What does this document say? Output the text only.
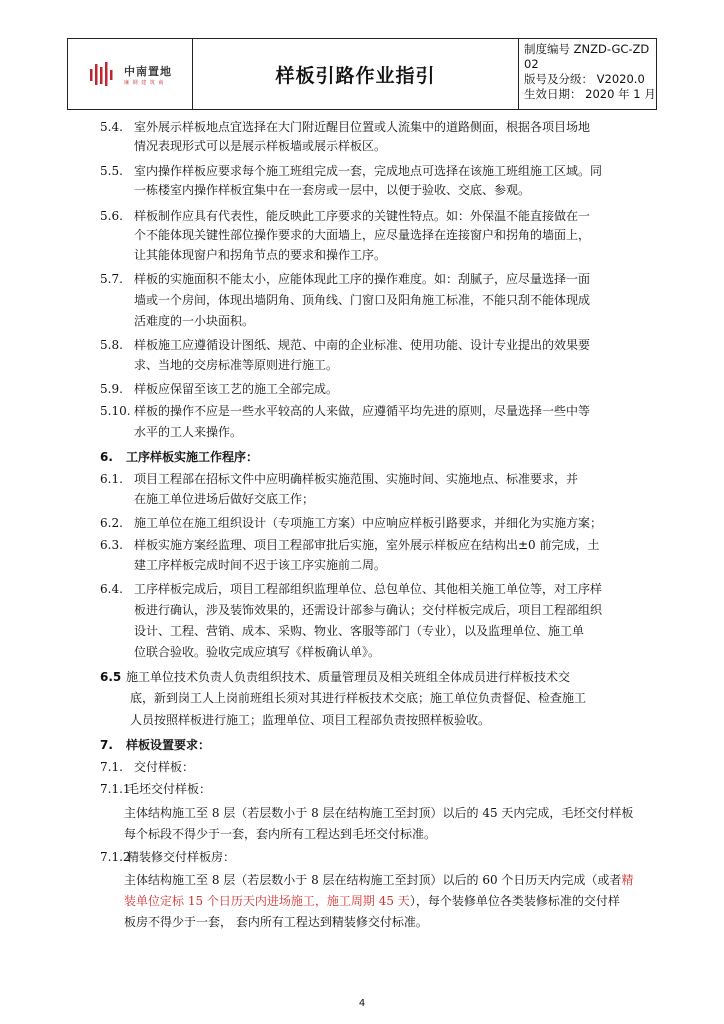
中南置地
廉 钢 建 筑 商	样板引路作业指引
制度编号 ZNZD-GC-ZD
02
版号及分级： V2020.0
生效日期： 2020 年 1 月
5.4. 室外展示样板地点宜选择在大门附近醒目位置或人流集中的道路侧面，根据各项目场地
情况表现形式可以是展示样板墙或展示样板区。
5.5. 室内操作样板应要求每个施工班组完成一套，完成地点可选择在该施工班组施工区域。同
一栋楼室内操作样板宜集中在一套房或一层中，以便于验收、交底、参观。
5.6. 样板制作应具有代表性，能反映此工序要求的关键性特点。如：外保温不能直接做在一
个不能体现关键性部位操作要求的大面墙上，应尽量选择在连接窗户和拐角的墙面上，
让其能体现窗户和拐角节点的要求和操作工序。
5.7. 样板的实施面积不能太小，应能体现此工序的操作难度。如：刮腻子，应尽量选择一面
墙或一个房间，体现出墙阴角、顶角线、门窗口及阳角施工标准，不能只刮不能体现成
活难度的一小块面积。
5.8. 样板施工应遵循设计图纸、规范、中南的企业标准、使用功能、设计专业提出的效果要
求、当地的交房标准等原则进行施工。
5.9. 样板应保留至该工艺的施工全部完成。
5.10. 样板的操作不应是一些水平较高的人来做，应遵循平均先进的原则，尽量选择一些中等
水平的工人来操作。
6. 工序样板实施工作程序：
6.1. 项目工程部在招标文件中应明确样板实施范围、实施时间、实施地点、标准要求，并
在施工单位进场后做好交底工作；
6.2. 施工单位在施工组织设计（专项施工方案）中应响应样板引路要求，并细化为实施方案；
6.3. 样板实施方案经监理、项目工程部审批后实施，室外展示样板应在结构出±0 前完成，土
建工序样板完成时间不迟于该工序实施前二周。
6.4. 工序样板完成后，项目工程部组织监理单位、总包单位、其他相关施工单位等，对工序样
板进行确认，涉及装饰效果的，还需设计部参与确认；交付样板完成后，项目工程部组织
设计、工程、营销、成本、采购、物业、客服等部门（专业），以及监理单位、施工单
位联合验收。验收完成应填写《样板确认单》。
6.5 施工单位技术负责人负责组织技术、质量管理员及相关班组全体成员进行样板技术交
底，新到岗工人上岗前班组长须对其进行样板技术交底；施工单位负责督促、检查施工
人员按照样板进行施工；监理单位、项目工程部负责按照样板验收。
7. 样板设置要求：
7.1. 交付样板：
7.1.1
毛坯交付样板：
主体结构施工至 8 层（若层数小于 8 层在结构施工至封顶）以后的 45 天内完成，毛坯交付样板
每个标段不得少于一套，套内所有工程达到毛坯交付标准。
7.1.2
精装修交付样板房：
主体结构施工至 8 层（若层数小于 8 层在结构施工至封顶）以后的 60 个日历天内完成（或者精
装单位定标 15 个日历天内进场施工，施工周期 45 天），每个装修单位各类装修标准的交付样
板房不得少于一套， 套内所有工程达到精装修交付标准。
4
